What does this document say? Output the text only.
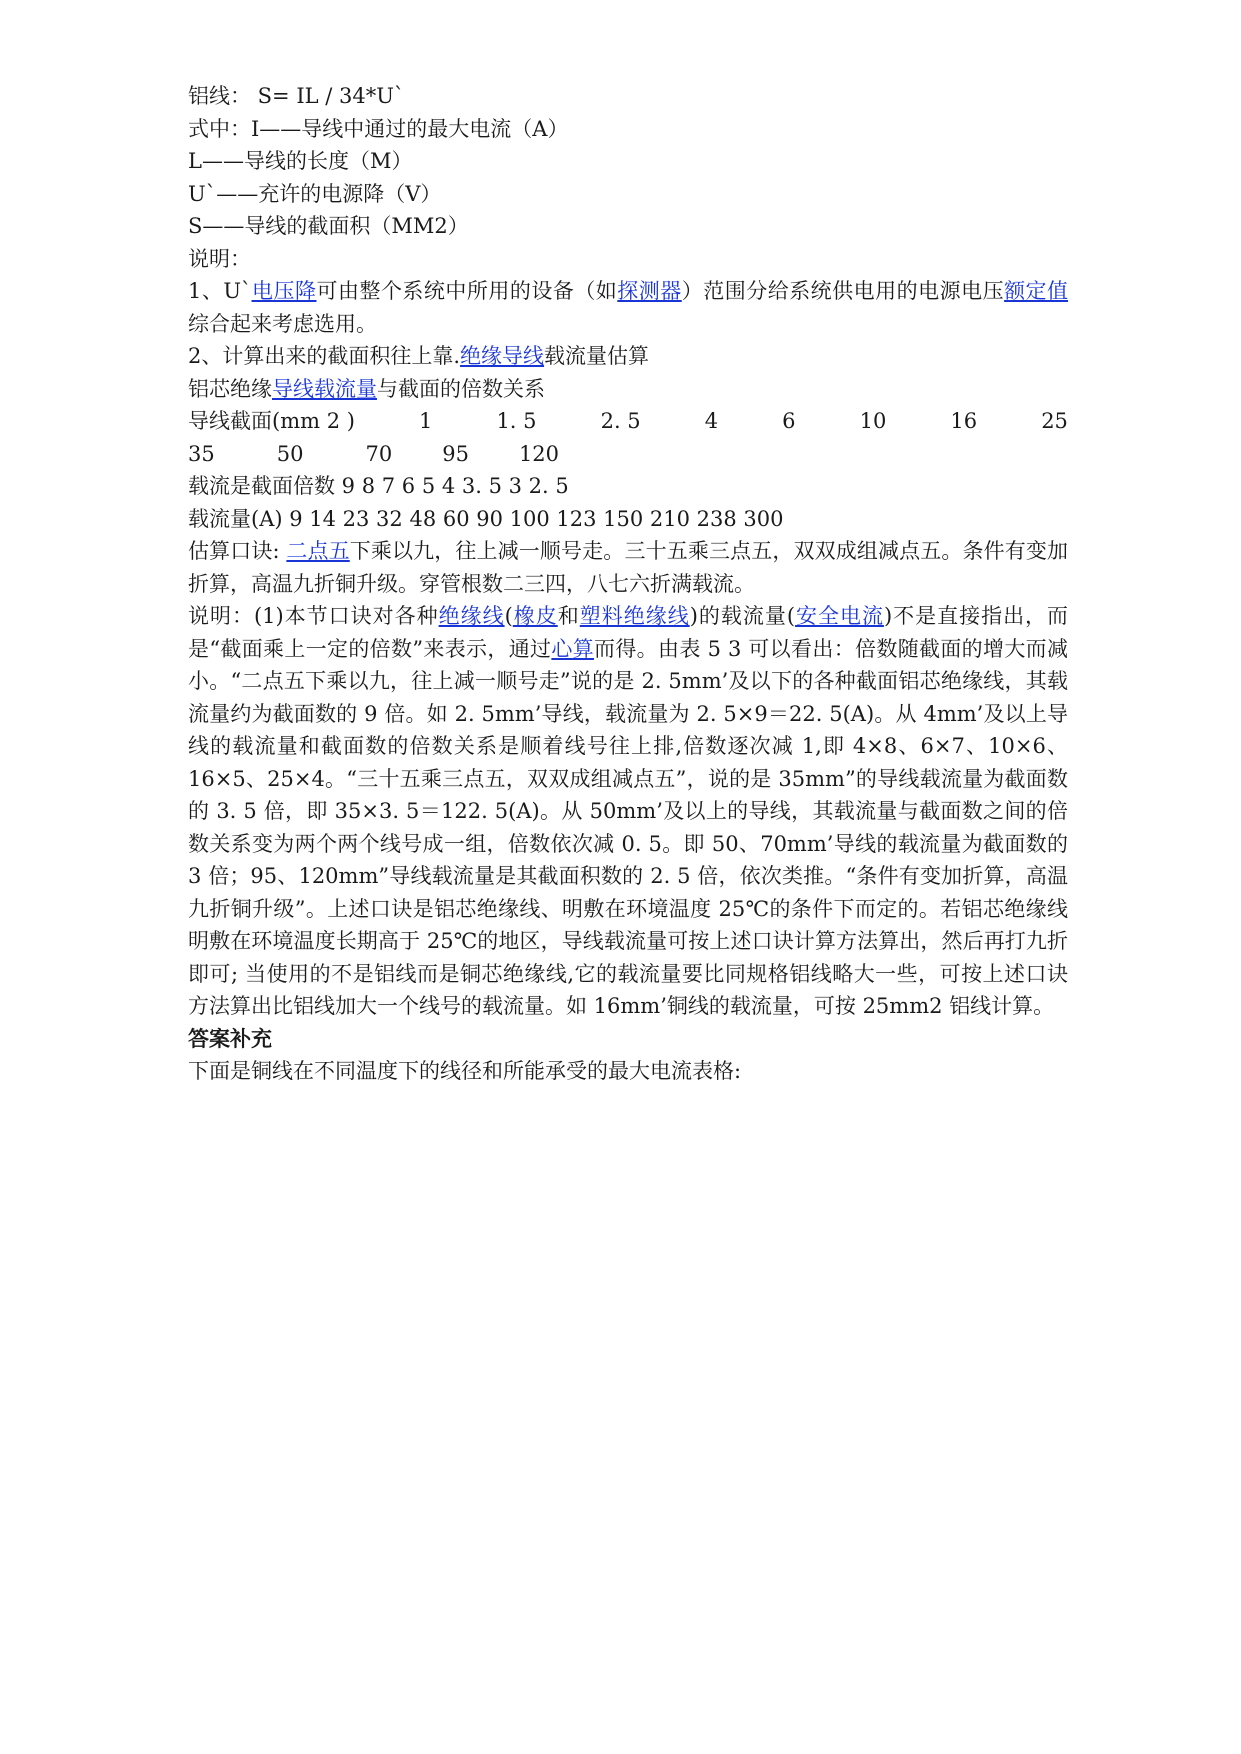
铝线： S= IL / 34*U`
式中：I——导线中通过的最大电流（A）
L——导线的长度（M）
U`——充许的电源降（V）
S——导线的截面积（MM2）
说明：
1、U`电压降可由整个系统中所用的设备（如探测器）范围分给系统供电用的电源电压额定值综合起来考虑选用。
2、计算出来的截面积往上靠.绝缘导线载流量估算
铝芯绝缘导线载流量与截面的倍数关系
导线截面(mm 2 )	1	1. 5	2. 5	4	6	10	16	25
35	50	70 95 120
载流是截面倍数 9 8 7 6 5 4 3. 5 3 2. 5
载流量(A) 9 14 23 32 48 60 90 100 123 150 210 238 300
估算口诀: 二点五下乘以九，往上减一顺号走。三十五乘三点五，双双成组减点五。条件有变加折算，高温九折铜升级。穿管根数二三四，八七六折满载流。
说明：(1)本节口诀对各种绝缘线(橡皮和塑料绝缘线)的载流量(安全电流)不是直接指出，而是“截面乘上一定的倍数”来表示，通过心算而得。由表 5 3 可以看出：倍数随截面的增大而减小。“二点五下乘以九，往上减一顺号走”说的是 2. 5mm’及以下的各种截面铝芯绝缘线，其载流量约为截面数的 9 倍。如 2. 5mm’导线，载流量为 2. 5×9＝22. 5(A)。从 4mm’及以上导线的载流量和截面数的倍数关系是顺着线号往上排,倍数逐次减 1,即 4×8、6×7、10×6、16×5、25×4。“三十五乘三点五，双双成组减点五”，说的是 35mm”的导线载流量为截面数的 3. 5 倍，即 35×3. 5＝122. 5(A)。从 50mm’及以上的导线，其载流量与截面数之间的倍数关系变为两个两个线号成一组，倍数依次减 0. 5。即 50、70mm’导线的载流量为截面数的 3 倍；95、120mm”导线载流量是其截面积数的 2. 5 倍，依次类推。“条件有变加折算，高温九折铜升级”。上述口诀是铝芯绝缘线、明敷在环境温度 25℃的条件下而定的。若铝芯绝缘线明敷在环境温度长期高于 25℃的地区，导线载流量可按上述口诀计算方法算出，然后再打九折即可; 当使用的不是铝线而是铜芯绝缘线,它的载流量要比同规格铝线略大一些，可按上述口诀方法算出比铝线加大一个线号的载流量。如 16mm’铜线的载流量，可按 25mm2 铝线计算。
答案补充
下面是铜线在不同温度下的线径和所能承受的最大电流表格:
